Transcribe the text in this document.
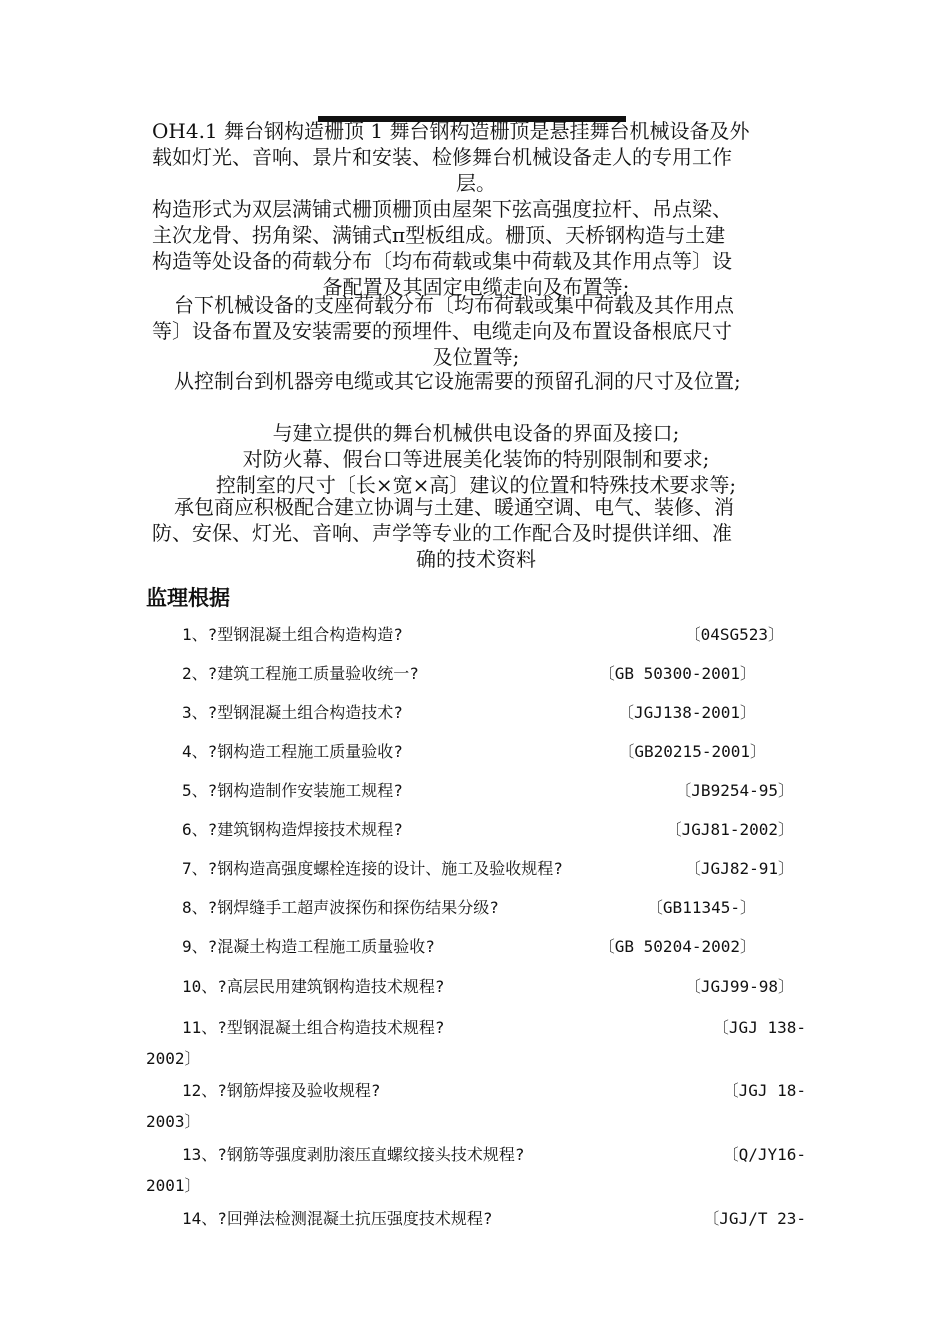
OH4.1 舞台钢构造栅顶 1 舞台钢构造栅顶是悬挂舞台机械设备及外
载如灯光、音响、景片和安装、检修舞台机械设备走人的专用工作
层。
构造形式为双层满铺式栅顶栅顶由屋架下弦高强度拉杆、吊点梁、
主次龙骨、拐角梁、满铺式π型板组成。栅顶、天桥钢构造与土建
构造等处设备的荷载分布〔均布荷载或集中荷载及其作用点等〕设
备配置及其固定电缆走向及布置等;
台下机械设备的支座荷载分布〔均布荷载或集中荷载及其作用点
等〕设备布置及安装需要的预埋件、电缆走向及布置设备根底尺寸
及位置等;
从控制台到机器旁电缆或其它设施需要的预留孔洞的尺寸及位置;
与建立提供的舞台机械供电设备的界面及接口;
对防火幕、假台口等进展美化装饰的特别限制和要求;
控制室的尺寸〔长×宽×高〕建议的位置和特殊技术要求等;
承包商应积极配合建立协调与土建、暖通空调、电气、装修、消
防、安保、灯光、音响、声学等专业的工作配合及时提供详细、准
确的技术资料
监理根据
1、?型钢混凝土组合构造构造?	〔04SG523〕
2、?建筑工程施工质量验收统一?	〔GB 50300-2001〕
3、?型钢混凝土组合构造技术?	〔JGJ138-2001〕
4、?钢构造工程施工质量验收?	〔GB20215-2001〕
5、?钢构造制作安装施工规程?	〔JB9254-95〕
6、?建筑钢构造焊接技术规程?	〔JGJ81-2002〕
7、?钢构造高强度螺栓连接的设计、施工及验收规程?	〔JGJ82-91〕
8、?钢焊缝手工超声波探伤和探伤结果分级?	〔GB11345-〕
9、?混凝土构造工程施工质量验收?	〔GB 50204-2002〕
10、?高层民用建筑钢构造技术规程?	〔JGJ99-98〕
11、?型钢混凝土组合构造技术规程?	〔JGJ 138-
2002〕
12、?钢筋焊接及验收规程?	〔JGJ 18-
2003〕
13、?钢筋等强度剥肋滚压直螺纹接头技术规程?	〔Q/JY16-
2001〕
14、?回弹法检测混凝土抗压强度技术规程?	〔JGJ/T 23-
